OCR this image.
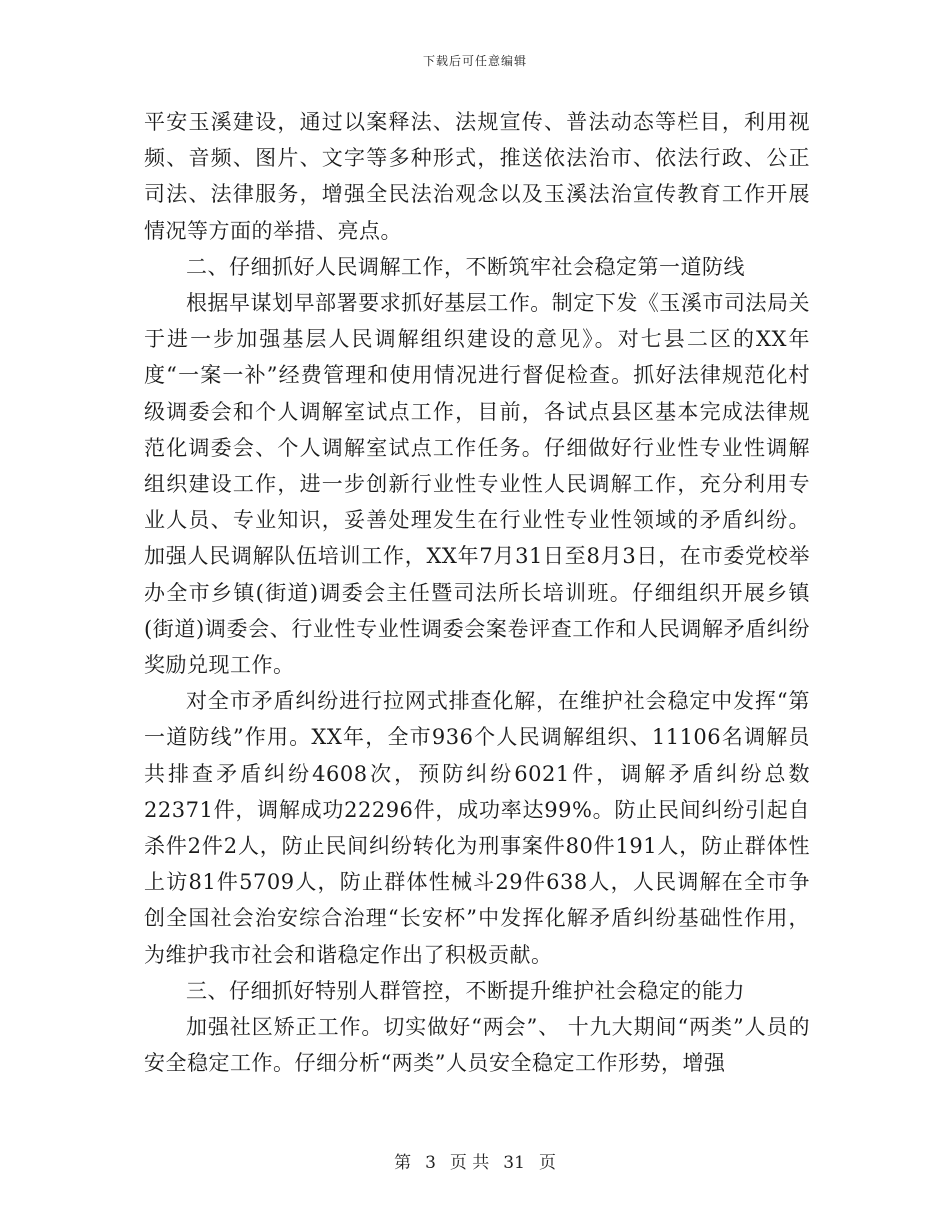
下载后可任意编辑

平安玉溪建设，通过以案释法、法规宣传、普法动态等栏目，利用视频、音频、图片、文字等多种形式，推送依法治市、依法行政、公正司法、法律服务，增强全民法治观念以及玉溪法治宣传教育工作开展情况等方面的举措、亮点。

二、仔细抓好人民调解工作，不断筑牢社会稳定第一道防线

根据早谋划早部署要求抓好基层工作。制定下发《玉溪市司法局关于进一步加强基层人民调解组织建设的意见》。对七县二区的XX年度“一案一补”经费管理和使用情况进行督促检查。抓好法律规范化村级调委会和个人调解室试点工作，目前，各试点县区基本完成法律规范化调委会、个人调解室试点工作任务。仔细做好行业性专业性调解组织建设工作，进一步创新行业性专业性人民调解工作，充分利用专业人员、专业知识，妥善处理发生在行业性专业性领域的矛盾纠纷。加强人民调解队伍培训工作，XX年7月31日至8月3日，在市委党校举办全市乡镇(街道)调委会主任暨司法所长培训班。仔细组织开展乡镇(街道)调委会、行业性专业性调委会案卷评查工作和人民调解矛盾纠纷奖励兑现工作。

对全市矛盾纠纷进行拉网式排查化解，在维护社会稳定中发挥“第一道防线”作用。XX年，全市936个人民调解组织、11106名调解员共排查矛盾纠纷4608次，预防纠纷6021件，调解矛盾纠纷总数22371件，调解成功22296件，成功率达99%。防止民间纠纷引起自杀件2件2人，防止民间纠纷转化为刑事案件80件191人，防止群体性上访81件5709人，防止群体性械斗29件638人，人民调解在全市争创全国社会治安综合治理“长安杯”中发挥化解矛盾纠纷基础性作用，为维护我市社会和谐稳定作出了积极贡献。

三、仔细抓好特别人群管控，不断提升维护社会稳定的能力

加强社区矫正工作。切实做好“两会”、 十九大期间“两类”人员的安全稳定工作。仔细分析“两类”人员安全稳定工作形势，增强

第 3 页 共 31 页
